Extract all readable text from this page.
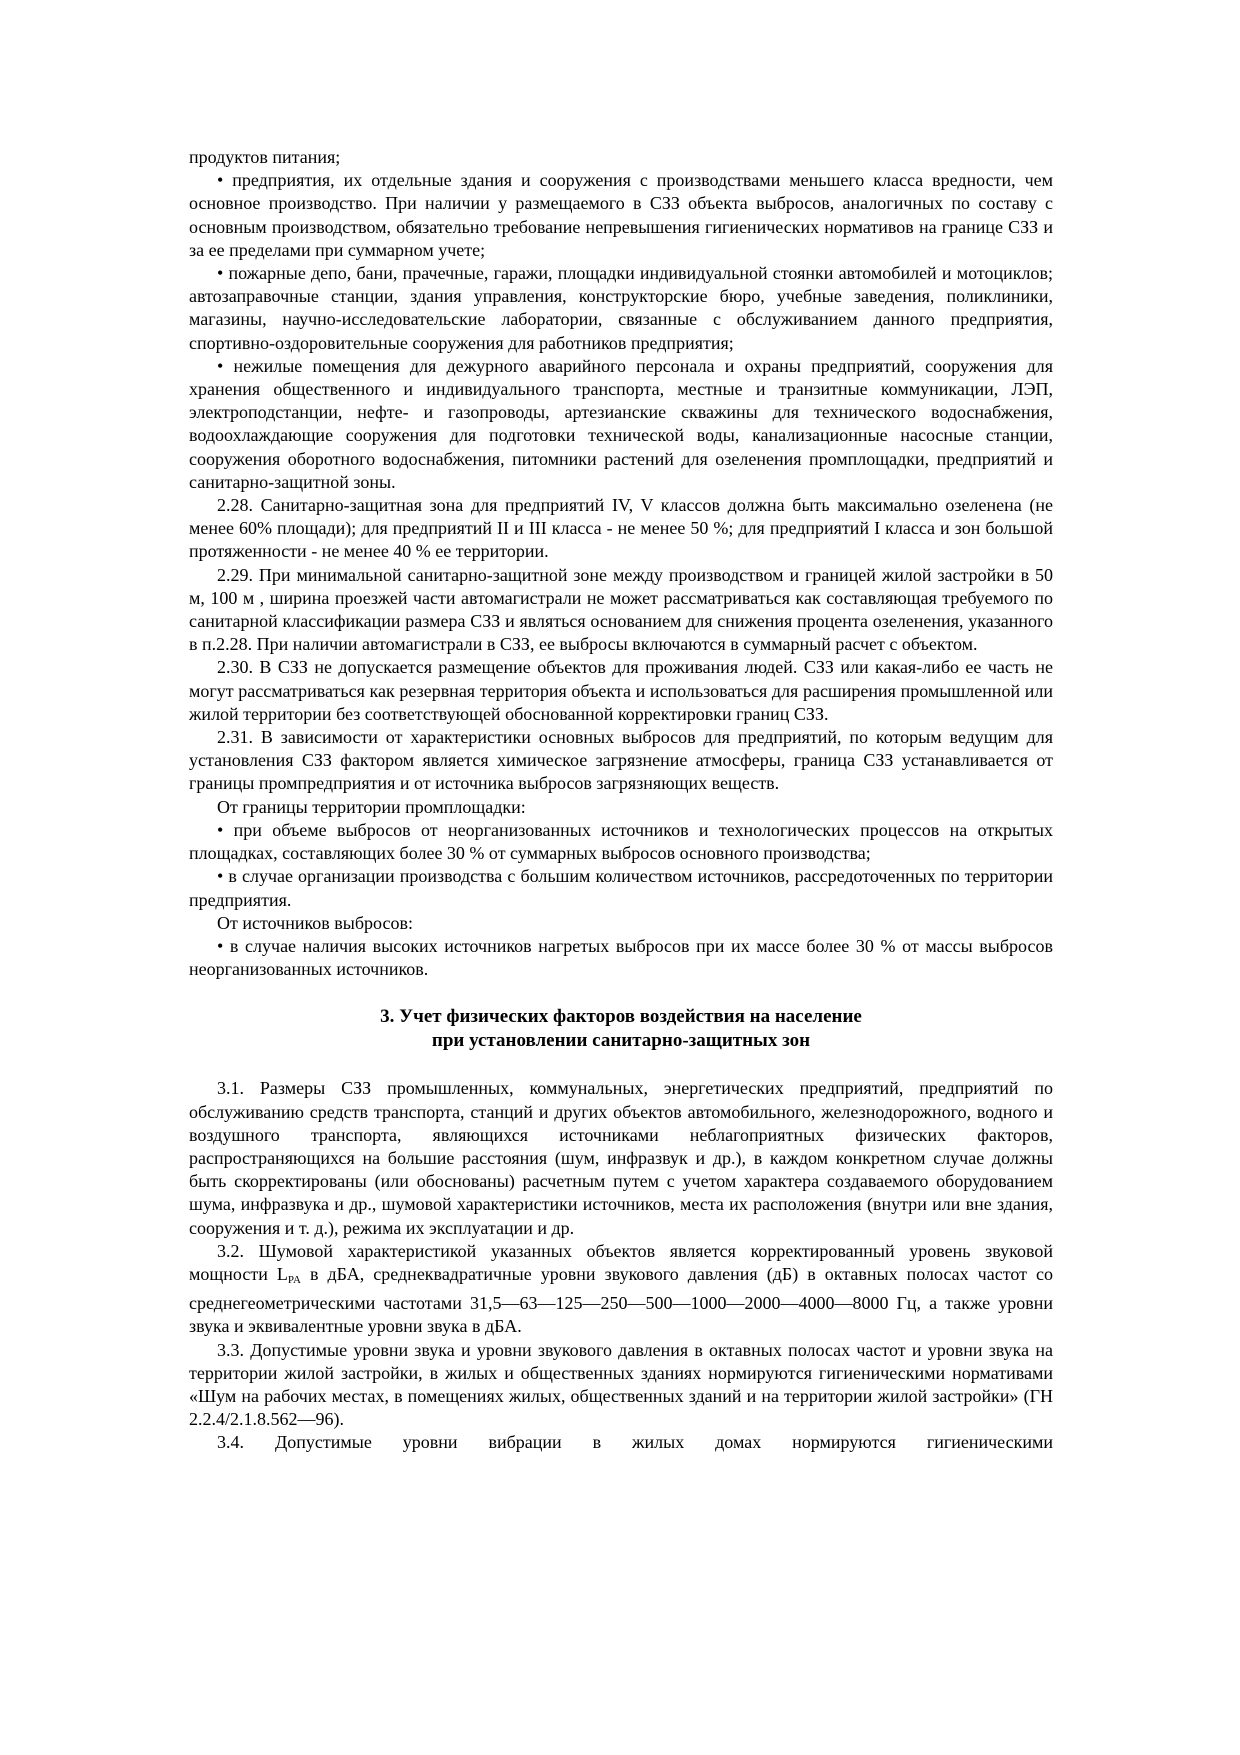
продуктов питания;

• предприятия, их отдельные здания и сооружения с производствами меньшего класса вредности, чем основное производство. При наличии у размещаемого в СЗЗ объекта выбросов, аналогичных по составу с основным производством, обязательно требование непревышения гигиенических нормативов на границе СЗЗ и за ее пределами при суммарном учете;

• пожарные депо, бани, прачечные, гаражи, площадки индивидуальной стоянки автомобилей и мотоциклов; автозаправочные станции, здания управления, конструкторские бюро, учебные заведения, поликлиники, магазины, научно-исследовательские лаборатории, связанные с обслуживанием данного предприятия, спортивно-оздоровительные сооружения для работников предприятия;

• нежилые помещения для дежурного аварийного персонала и охраны предприятий, сооружения для хранения общественного и индивидуального транспорта, местные и транзитные коммуникации, ЛЭП, электроподстанции, нефте- и газопроводы, артезианские скважины для технического водоснабжения, водоохлаждающие сооружения для подготовки технической воды, канализационные насосные станции, сооружения оборотного водоснабжения, питомники растений для озеленения промплощадки, предприятий и санитарно-защитной зоны.

2.28. Санитарно-защитная зона для предприятий IV, V классов должна быть максимально озеленена (не менее 60% площади); для предприятий II и III класса - не менее 50 %; для предприятий I класса и зон большой протяженности - не менее 40 % ее территории.

2.29. При минимальной санитарно-защитной зоне между производством и границей жилой застройки в 50 м, 100 м , ширина проезжей части автомагистрали не может рассматриваться как составляющая требуемого по санитарной классификации размера СЗЗ и являться основанием для снижения процента озеленения, указанного в п.2.28. При наличии автомагистрали в СЗЗ, ее выбросы включаются в суммарный расчет с объектом.

2.30. В СЗЗ не допускается размещение объектов для проживания людей. СЗЗ или какая-либо ее часть не могут рассматриваться как резервная территория объекта и использоваться для расширения промышленной или жилой территории без соответствующей обоснованной корректировки границ СЗЗ.

2.31. В зависимости от характеристики основных выбросов для предприятий, по которым ведущим для установления СЗЗ фактором является химическое загрязнение атмосферы, граница СЗЗ устанавливается от границы промпредприятия и от источника выбросов загрязняющих веществ.

От границы территории промплощадки:

• при объеме выбросов от неорганизованных источников и технологических процессов на открытых площадках, составляющих более 30 % от суммарных выбросов основного производства;

• в случае организации производства с большим количеством источников, рассредоточенных по территории предприятия.

От источников выбросов:

• в случае наличия высоких источников нагретых выбросов при их массе более 30 % от массы выбросов неорганизованных источников.

3. Учет физических факторов воздействия на население
при установлении санитарно-защитных зон

3.1. Размеры СЗЗ промышленных, коммунальных, энергетических предприятий, предприятий по обслуживанию средств транспорта, станций и других объектов автомобильного, железнодорожного, водного и воздушного транспорта, являющихся источниками неблагоприятных физических факторов, распространяющихся на большие расстояния (шум, инфразвук и др.), в каждом конкретном случае должны быть скорректированы (или обоснованы) расчетным путем с учетом характера создаваемого оборудованием шума, инфразвука и др., шумовой характеристики источников, места их расположения (внутри или вне здания, сооружения и т. д.), режима их эксплуатации и др.

3.2. Шумовой характеристикой указанных объектов является корректированный уровень звуковой мощности $L_{PA}$ в дБА, среднеквадратичные уровни звукового давления (дБ) в октавных полосах частот со среднегеометрическими частотами 31,5—63—125—250—500—1000—2000—4000—8000 Гц, а также уровни звука и эквивалентные уровни звука в дБА.

3.3. Допустимые уровни звука и уровни звукового давления в октавных полосах частот и уровни звука на территории жилой застройки, в жилых и общественных зданиях нормируются гигиеническими нормативами «Шум на рабочих местах, в помещениях жилых, общественных зданий и на территории жилой застройки» (ГН 2.2.4/2.1.8.562—96).

3.4. Допустимые уровни вибрации в жилых домах нормируются гигиеническими
